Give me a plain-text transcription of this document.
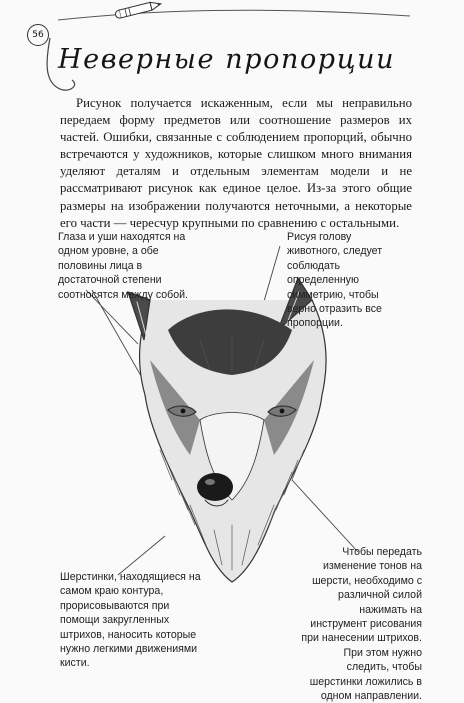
56
Неверные пропорции

Рисунок получается искаженным, если мы неправильно передаем форму предметов или соотношение размеров их частей. Ошибки, связанные с соблюдением пропорций, обычно встречаются у художников, которые слишком много внимания уделяют деталям и отдельным элементам модели и не рассматривают рисунок как единое целое. Из-за этого общие размеры на изображении получаются неточными, а некоторые его части — чересчур крупными по сравнению с остальными.

Глаза и уши находятся на одном уровне, а обе половины лица в достаточной степени соотносятся между собой.

Рисуя голову животного, следует соблюдать определенную симметрию, чтобы верно отразить все пропорции.

Чтобы передать изменение тонов на шерсти, необходимо с различной силой нажимать на инструмент рисования при нанесении штрихов. При этом нужно следить, чтобы шерстинки ложились в одном направлении.

Шерстинки, находящиеся на самом краю контура, прорисовываются при помощи закругленных штрихов, наносить которые нужно легкими движениями кисти.
